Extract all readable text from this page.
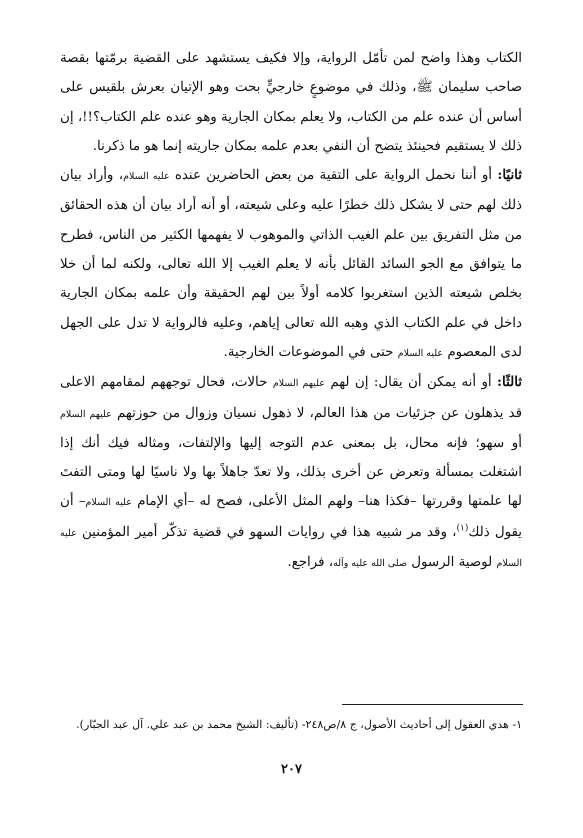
الكتاب وهذا واضح لمن تأمّل الرواية، وإلا فكيف يستشهد على القضية برمّتها بقصة صاحب سليمان ﷺ، وذلك في موضوعٍ خارجيٍّ بحت وهو الإتيان بعرش بلقيس على أساس أن عنده علم من الكتاب، ولا يعلم بمكان الجارية وهو عنده علم الكتاب؟!!، إن ذلك لا يستقيم فحينئذ يتضح أن النفي بعدم علمه بمكان جاريته إنما هو ما ذكرنا.

ثانيًا: أو أننا نحمل الرواية على التقية من بعض الحاضرين عنده عليه السلام، وأراد بيان ذلك لهم حتى لا يشكل ذلك خطرًا عليه وعلى شيعته، أو أنه أراد بيان أن هذه الحقائق من مثل التفريق بين علم الغيب الذاتي والموهوب لا يفهمها الكثير من الناس، فطرح ما يتوافق مع الجو السائد القائل بأنه لا يعلم الغيب إلا الله تعالى، ولكنه لما أن خلا بخلص شيعته الذين استغربوا كلامه أولاً بين لهم الحقيقة وأن علمه بمكان الجارية داخل في علم الكتاب الذي وهبه الله تعالى إياهم، وعليه فالرواية لا تدل على الجهل لدى المعصوم عليه السلام حتى في الموضوعات الخارجية.

ثالثًا: أو أنه يمكن أن يقال: إن لهم عليهم السلام حالات، فحال توجههم لمقامهم الاعلى قد يذهلون عن جزئيات من هذا العالم، لا ذهول نسيان وزوال من حوزتهم عليهم السلام أو سهو؛ فإنه محال، بل بمعنى عدم التوجه إليها والإلتفات، ومثاله فيك أنك إذا اشتغلت بمسألة وتعرض عن أخرى بذلك، ولا تعدّ جاهلاً بها ولا ناسيًا لها ومتى التفتَ لها علمتها وقررتها –فكذا هنا– ولهم المثل الأعلى، فصح له –أي الإمام عليه السلام– أن يقول ذلك$^{(١)}$، وقد مر شبيه هذا في روايات السهو في قضية تذكّر أمير المؤمنين عليه السلام لوصية الرسول صلى الله عليه وآله، فراجع.

١- هدي العقول إلى أحاديث الأصول، ج ٨/ص٢٤٨- (تأليف: الشيخ محمد بن عبد علي. آل عبد الجبّار).

٢٠٧
